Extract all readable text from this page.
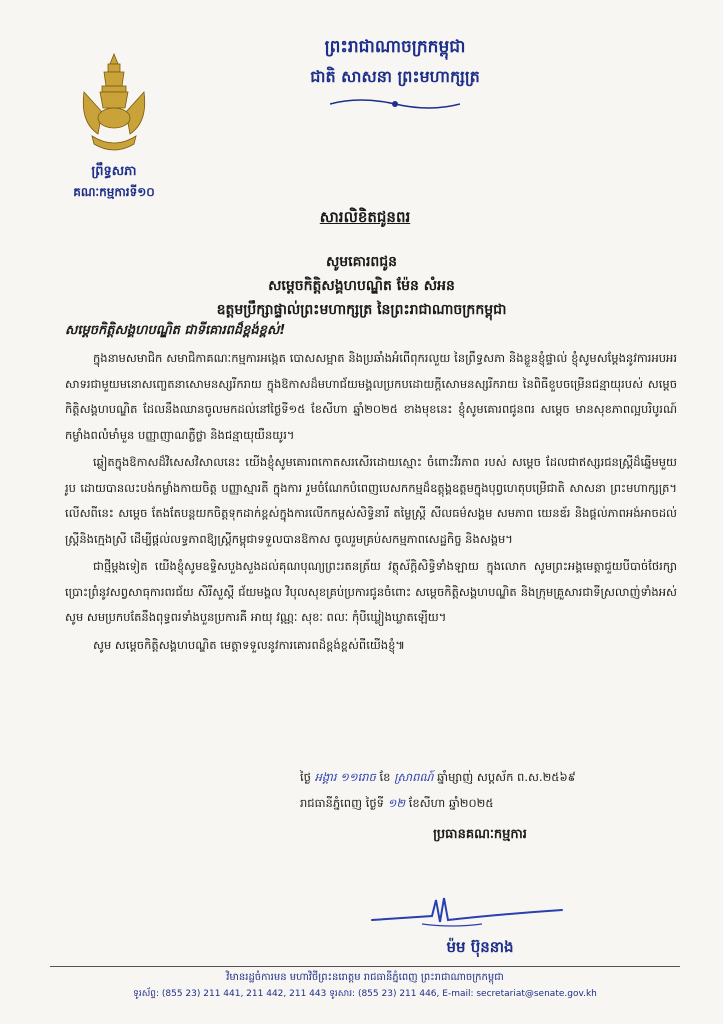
ព្រឹទ្ធសភា
គណៈកម្មការទី១០
ព្រះរាជាណាចក្រកម្ពុជា
ជាតិ សាសនា ព្រះមហាក្សត្រ
សារលិខិតជូនពរ
សូមគោរពជូន
សម្តេចកិត្តិសង្គហបណ្ឌិត ម៉ែន សំអន
ឧត្តមប្រឹក្សាផ្ទាល់ព្រះមហាក្សត្រ នៃព្រះរាជាណាចក្រកម្ពុជា
សម្តេចកិត្តិសង្គហបណ្ឌិត ជាទីគោរពដ៏ខ្ពង់ខ្ពស់!

ក្នុងនាមសមាជិក សមាជិកាគណៈកម្មការអង្កេត បោសសម្អាត និងប្រឆាំងអំពើពុករលួយ នៃព្រឹទ្ធសភា និងខ្លួនខ្ញុំផ្ទាល់ ខ្ញុំសូមសម្តែងនូវការអបអរសាទរជាមួយមនោសញ្ចេតនាសោមនស្សរីករាយ ក្នុងឱកាសដ៏មហាជ័យមង្គលប្រកបដោយក្តីសោមនស្សរីករាយ នៃពិធីខួបចម្រើនជន្មាយុរបស់ សម្តេចកិត្តិសង្គហបណ្ឌិត ដែលនឹងឈានចូលមកដល់នៅថ្ងៃទី១៥ ខែសីហា ឆ្នាំ២០២៥ ខាងមុខនេះ ខ្ញុំសូមគោរពជូនពរ សម្តេច មានសុខភាពល្អបរិបូរណ៍ កម្លាំងពលំមាំមួន បញ្ញាញាណភ្លឺថ្លា និងជន្មាយុយឺនយូរ។

ឆ្លៀតក្នុងឱកាសដ៏វិសេសវិសាលនេះ យើងខ្ញុំសូមគោរពកោតសរសើរដោយស្មោះ ចំពោះវីរភាព របស់ សម្តេច ដែលជាឥស្សរជនស្ត្រីដ៏ឆ្នើមមួយរូប ដោយបានលះបង់កម្លាំងកាយចិត្ត បញ្ញាស្មារតី ក្នុងការ រួមចំណែកបំពេញបេសកកម្មដ៏ឧត្តុង្គឧត្តមក្នុងបុព្វហេតុបម្រើជាតិ សាសនា ព្រះមហាក្សត្រ។ លើសពីនេះ សម្តេច តែងតែបន្តយកចិត្តទុកដាក់ខ្ពស់ក្នុងការលើកកម្ពស់សិទ្ធិនារី តម្លៃស្ត្រី សីលធម៌សង្គម សមភាព យេនឌ័រ និងផ្តល់ភាពអង់អាចដល់ស្ត្រីនិងក្មេងស្រី ដើម្បីផ្តល់លទ្ធភាពឱ្យស្ត្រីកម្ពុជាទទួលបានឱកាស ចូលរួមគ្រប់សកម្មភាពសេដ្ឋកិច្ច និងសង្គម។

ជាថ្មីម្តងទៀត យើងខ្ញុំសូមឧទ្ទិសបួងសួងដល់គុណបុណ្យព្រះរតនត្រ័យ វត្ថុស័ក្តិសិទ្ធិទាំងឡាយ ក្នុងលោក សូមព្រះអង្គមេត្តាជួយបីបាច់ថែរក្សា ប្រោះព្រំនូវសព្វសាធុការពរជ័យ សិរីសួស្តី ជ័យមង្គល វិបុលសុខគ្រប់ប្រការជូនចំពោះ សម្តេចកិត្តិសង្គហបណ្ឌិត និងក្រុមគ្រួសារជាទីស្រលាញ់ទាំងអស់ សូម សមប្រកបតែនឹងពុទ្ធពរទាំងបួនប្រការគឺ អាយុ វណ្ណៈ សុខៈ ពលៈ កុំបីឃ្លៀងឃ្លាតឡើយ។

សូម សម្តេចកិត្តិសង្គហបណ្ឌិត មេត្តាទទួលនូវការគោរពដ៏ខ្ពង់ខ្ពស់ពីយើងខ្ញុំ៕

ថ្ងៃ អង្គារ ១១រោច ខែ ស្រាពណ៍ ឆ្នាំម្សាញ់ សប្តស័ក ព.ស.២៥៦៩
រាជធានីភ្នំពេញ ថ្ងៃទី ១២ ខែសីហា ឆ្នាំ២០២៥
ប្រធានគណៈកម្មការ
ម៉ម ប៊ុននាង
វិមានរដ្ឋចំការមន មហាវិថីព្រះនរោត្តម រាជធានីភ្នំពេញ ព្រះរាជាណាចក្រកម្ពុជា
ទូរស័ព្ទ: (855 23) 211 441, 211 442, 211 443 ទូរសារ: (855 23) 211 446, E-mail: secretariat@senate.gov.kh
